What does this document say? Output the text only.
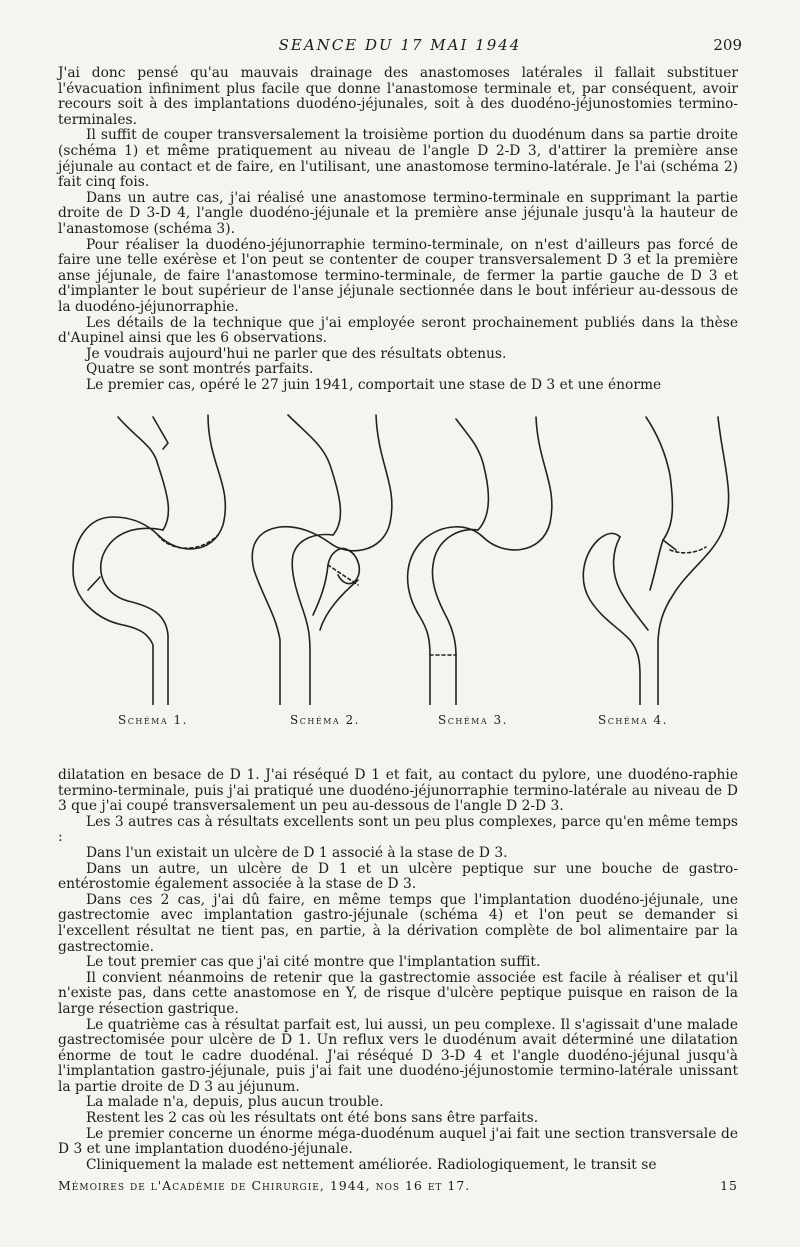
SEANCE DU 17 MAI 1944	209

J'ai donc pensé qu'au mauvais drainage des anastomoses latérales il fallait substituer l'évacuation infiniment plus facile que donne l'anastomose terminale et, par conséquent, avoir recours soit à des implantations duodéno-jéjunales, soit à des duodéno-jéjunostomies termino-terminales.

Il suffit de couper transversalement la troisième portion du duodénum dans sa partie droite (schéma 1) et même pratiquement au niveau de l'angle D 2-D 3, d'attirer la première anse jéjunale au contact et de faire, en l'utilisant, une anastomose termino-latérale. Je l'ai (schéma 2) fait cinq fois.

Dans un autre cas, j'ai réalisé une anastomose termino-terminale en supprimant la partie droite de D 3-D 4, l'angle duodéno-jéjunale et la première anse jéjunale jusqu'à la hauteur de l'anastomose (schéma 3).

Pour réaliser la duodéno-jéjunorraphie termino-terminale, on n'est d'ailleurs pas forcé de faire une telle exérèse et l'on peut se contenter de couper transversalement D 3 et la première anse jéjunale, de faire l'anastomose termino-terminale, de fermer la partie gauche de D 3 et d'implanter le bout supérieur de l'anse jéjunale sectionnée dans le bout inférieur au-dessous de la duodéno-jéjunorraphie.

Les détails de la technique que j'ai employée seront prochainement publiés dans la thèse d'Aupinel ainsi que les 6 observations.

Je voudrais aujourd'hui ne parler que des résultats obtenus.

Quatre se sont montrés parfaits.

Le premier cas, opéré le 27 juin 1941, comportait une stase de D 3 et une énorme

Schéma 1.	Schéma 2.	Schéma 3.	Schéma 4.

dilatation en besace de D 1. J'ai réséqué D 1 et fait, au contact du pylore, une duodéno-raphie termino-terminale, puis j'ai pratiqué une duodéno-jéjunorraphie termino-latérale au niveau de D 3 que j'ai coupé transversalement un peu au-dessous de l'angle D 2-D 3.

Les 3 autres cas à résultats excellents sont un peu plus complexes, parce qu'en même temps :

Dans l'un existait un ulcère de D 1 associé à la stase de D 3.

Dans un autre, un ulcère de D 1 et un ulcère peptique sur une bouche de gastro-entérostomie également associée à la stase de D 3.

Dans ces 2 cas, j'ai dû faire, en même temps que l'implantation duodéno-jéjunale, une gastrectomie avec implantation gastro-jéjunale (schéma 4) et l'on peut se demander si l'excellent résultat ne tient pas, en partie, à la dérivation complète de bol alimentaire par la gastrectomie.

Le tout premier cas que j'ai cité montre que l'implantation suffit.

Il convient néanmoins de retenir que la gastrectomie associée est facile à réaliser et qu'il n'existe pas, dans cette anastomose en Y, de risque d'ulcère peptique puisque en raison de la large résection gastrique.

Le quatrième cas à résultat parfait est, lui aussi, un peu complexe. Il s'agissait d'une malade gastrectomisée pour ulcère de D 1. Un reflux vers le duodénum avait déterminé une dilatation énorme de tout le cadre duodénal. J'ai réséqué D 3-D 4 et l'angle duodéno-jéjunal jusqu'à l'implantation gastro-jéjunale, puis j'ai fait une duodéno-jéjunostomie termino-latérale unissant la partie droite de D 3 au jéjunum.

La malade n'a, depuis, plus aucun trouble.

Restent les 2 cas où les résultats ont été bons sans être parfaits.

Le premier concerne un énorme méga-duodénum auquel j'ai fait une section transversale de D 3 et une implantation duodéno-jéjunale.

Cliniquement la malade est nettement améliorée. Radiologiquement, le transit se

Mémoires de l'Académie de Chirurgie, 1944, nos 16 et 17.	15
